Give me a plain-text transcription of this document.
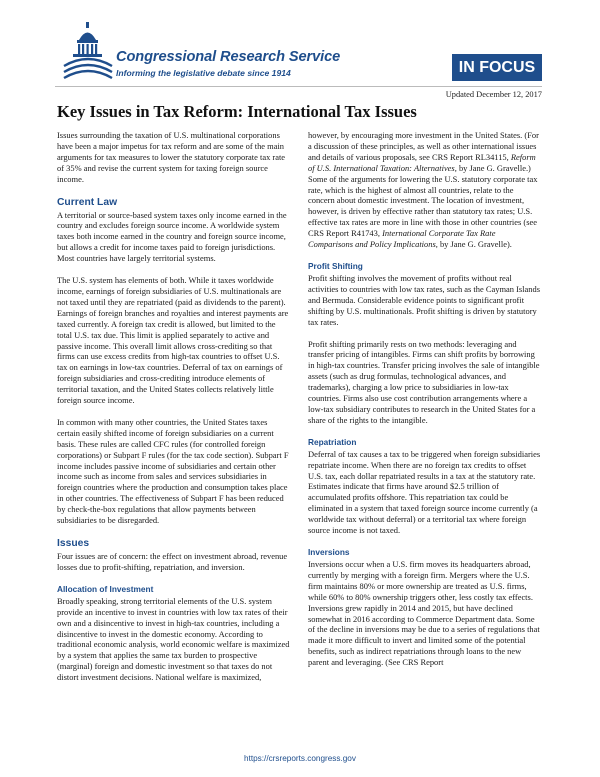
Congressional Research Service
Informing the legislative debate since 1914	IN FOCUS
Updated December 12, 2017
Key Issues in Tax Reform: International Tax Issues

Issues surrounding the taxation of U.S. multinational corporations have been a major impetus for tax reform and are some of the main arguments for tax measures to lower the statutory corporate tax rate of 35% and revise the current system for taxing foreign source income.

Current Law

A territorial or source-based system taxes only income earned in the country and excludes foreign source income. A worldwide system taxes both income earned in the country and foreign source income, but allows a credit for income taxes paid to foreign jurisdictions. Most countries have largely territorial systems.

The U.S. system has elements of both. While it taxes worldwide income, earnings of foreign subsidiaries of U.S. multinationals are not taxed until they are repatriated (paid as dividends to the parent). Earnings of foreign branches and royalties and interest payments are taxed currently. A foreign tax credit is allowed, but limited to the total U.S. tax due. This limit is applied separately to active and passive income. This overall limit allows cross-crediting so that firms can use excess credits from high-tax countries to offset U.S. tax on earnings in low-tax countries. Deferral of tax on earnings of foreign subsidiaries and cross-crediting introduce elements of territorial taxation, and the United States collects relatively little foreign source income.

In common with many other countries, the United States taxes certain easily shifted income of foreign subsidiaries on a current basis. These rules are called CFC rules (for controlled foreign corporations) or Subpart F rules (for the tax code section). Subpart F income includes passive income of subsidiaries and certain other income such as income from sales and services subsidiaries in foreign countries where the production and consumption takes place in other countries. The effectiveness of Subpart F has been reduced by check-the-box regulations that allow payments between subsidiaries to be disregarded.

Issues

Four issues are of concern: the effect on investment abroad, revenue losses due to profit-shifting, repatriation, and inversion.

Allocation of Investment

Broadly speaking, strong territorial elements of the U.S. system provide an incentive to invest in countries with low tax rates of their own and a disincentive to invest in high-tax countries, including a disincentive to invest in the domestic economy. According to traditional economic analysis, world economic welfare is maximized by a system that applies the same tax burden to prospective (marginal) foreign and domestic investment so that taxes do not distort investment decisions. National welfare is maximized,

however, by encouraging more investment in the United States. (For a discussion of these principles, as well as other international issues and details of various proposals, see CRS Report RL34115, Reform of U.S. International Taxation: Alternatives, by Jane G. Gravelle.) Some of the arguments for lowering the U.S. statutory corporate tax rate, which is the highest of almost all countries, relate to the concern about domestic investment. The location of investment, however, is driven by effective rather than statutory tax rates; U.S. effective tax rates are more in line with those in other countries (see CRS Report R41743, International Corporate Tax Rate Comparisons and Policy Implications, by Jane G. Gravelle).

Profit Shifting

Profit shifting involves the movement of profits without real activities to countries with low tax rates, such as the Cayman Islands and Bermuda. Considerable evidence points to significant profit shifting by U.S. multinationals. Profit shifting is driven by statutory tax rates.

Profit shifting primarily rests on two methods: leveraging and transfer pricing of intangibles. Firms can shift profits by borrowing in high-tax countries. Transfer pricing involves the sale of intangible assets (such as drug formulas, technological advances, and trademarks), charging a low price to subsidiaries in low-tax countries. Firms also use cost contribution arrangements where a low-tax subsidiary contributes to research in the United States for a share of the rights to the intangible.

Repatriation

Deferral of tax causes a tax to be triggered when foreign subsidiaries repatriate income. When there are no foreign tax credits to offset U.S. tax, each dollar repatriated results in a tax at the statutory rate. Estimates indicate that firms have around $2.5 trillion of accumulated profits offshore. This repatriation tax could be eliminated in a system that taxed foreign source income currently (a worldwide tax without deferral) or a territorial tax where foreign source income is not taxed.

Inversions

Inversions occur when a U.S. firm moves its headquarters abroad, currently by merging with a foreign firm. Mergers where the U.S. firm maintains 80% or more ownership are treated as U.S. firms, while 60% to 80% ownership triggers other, less costly tax effects. Inversions grew rapidly in 2014 and 2015, but have declined somewhat in 2016 according to Commerce Department data. Some of the decline in inversions may be due to a series of regulations that made it more difficult to invert and limited some of the potential benefits, such as indirect repatriations through loans to the new parent and leveraging. (See CRS Report

https://crsreports.congress.gov
